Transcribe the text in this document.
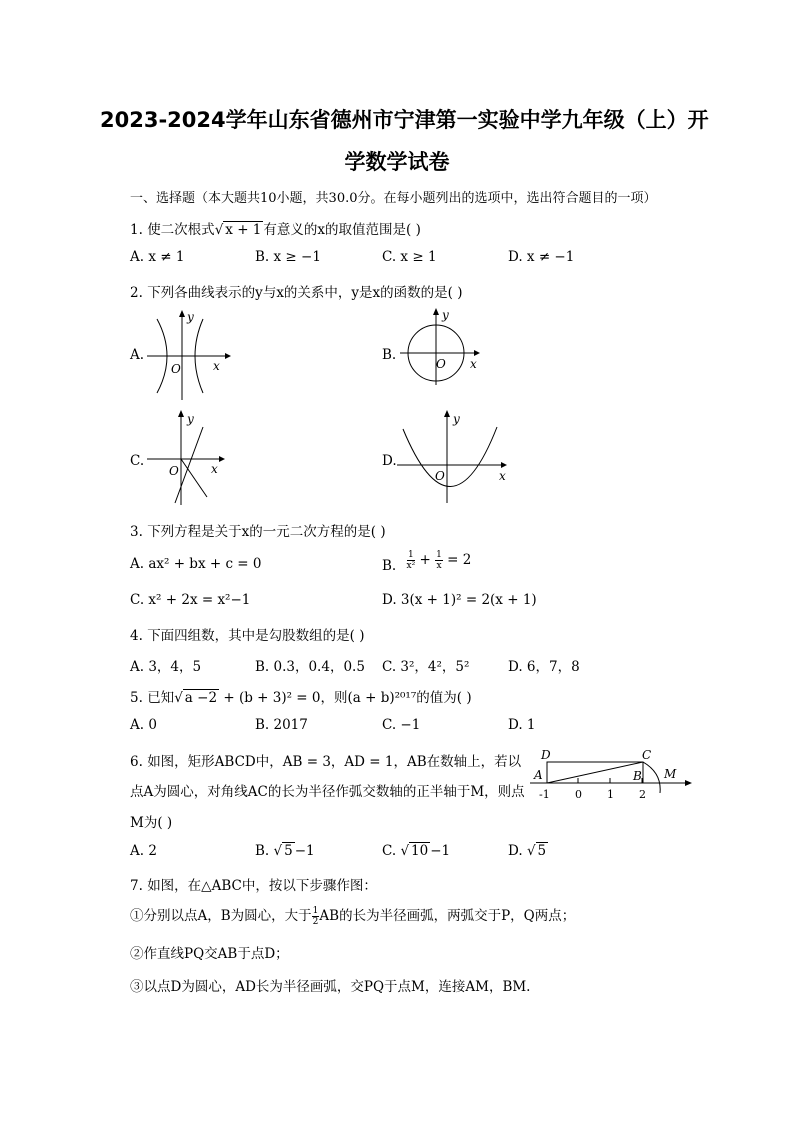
2023-2024学年山东省德州市宁津第一实验中学九年级（上）开
学数学试卷
一、选择题（本大题共10小题，共30.0分。在每小题列出的选项中，选出符合题目的一项）
1. 使二次根式√ x + 1 有意义的x的取值范围是( )
A. x ≠ 1	B. x ≥ −1	C. x ≥ 1	D. x ≠ −1
2. 下列各曲线表示的y与x的关系中，y是x的函数的是( )
A.
y
x
O
B.
y
x
O
C.
y
x
O
D.
y
x
O
3. 下列方程是关于x的一元二次方程的是( )
A. ax² + bx + c = 0	B. $\frac{1}{\text{x²}} + \frac{1}{x} = 2$
C. x² + 2x = x²−1	D. 3(x + 1)² = 2(x + 1)
4. 下面四组数，其中是勾股数组的是( )
A. 3，4，5	B. 0.3，0.4，0.5 C. 3²，4²，5²	D. 6，7，8
5. 已知√ a −2 + (b + 3)² = 0，则(a + b)²⁰¹⁷的值为( )
A. 0	B. 2017	C. −1	D. 1
6. 如图，矩形ABCD中，AB = 3，AD = 1，AB在数轴上，若以
点A为圆心，对角线AC的长为半径作弧交数轴的正半轴于M，则点
M为( )
D	C
A	B M
-1 0 1 2
A. 2	B. √ 5 −1	C. √ 10 −1	D. √ 5
7. 如图，在△ABC中，按以下步骤作图：
①分别以点A，B为圆心，大于 $\frac{1}{2}$ AB的长为半径画弧，两弧交于P，Q两点；
②作直线PQ交AB于点D；
③以点D为圆心，AD长为半径画弧，交PQ于点M，连接AM，BM.
